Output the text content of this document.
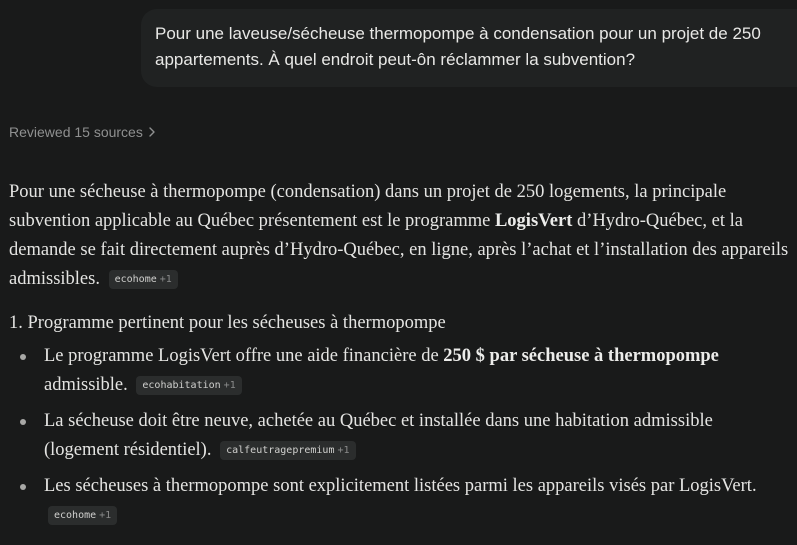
Pour une laveuse/sécheuse thermopompe à condensation pour un projet de 250 appartements. À quel endroit peut-ôn réclammer la subvention?
Reviewed 15 sources

Pour une sécheuse à thermopompe (condensation) dans un projet de 250 logements, la principale subvention applicable au Québec présentement est le programme LogisVert d’Hydro-Québec, et la demande se fait directement auprès d’Hydro-Québec, en ligne, après l’achat et l’installation des appareils admissibles. ecohome +1

1. Programme pertinent pour les sécheuses à thermopompe

Le programme LogisVert offre une aide financière de 250 $ par sécheuse à thermopompe admissible. ecohabitation +1
La sécheuse doit être neuve, achetée au Québec et installée dans une habitation admissible (logement résidentiel). calfeutragepremium +1
Les sécheuses à thermopompe sont explicitement listées parmi les appareils visés par LogisVert. ecohome +1
